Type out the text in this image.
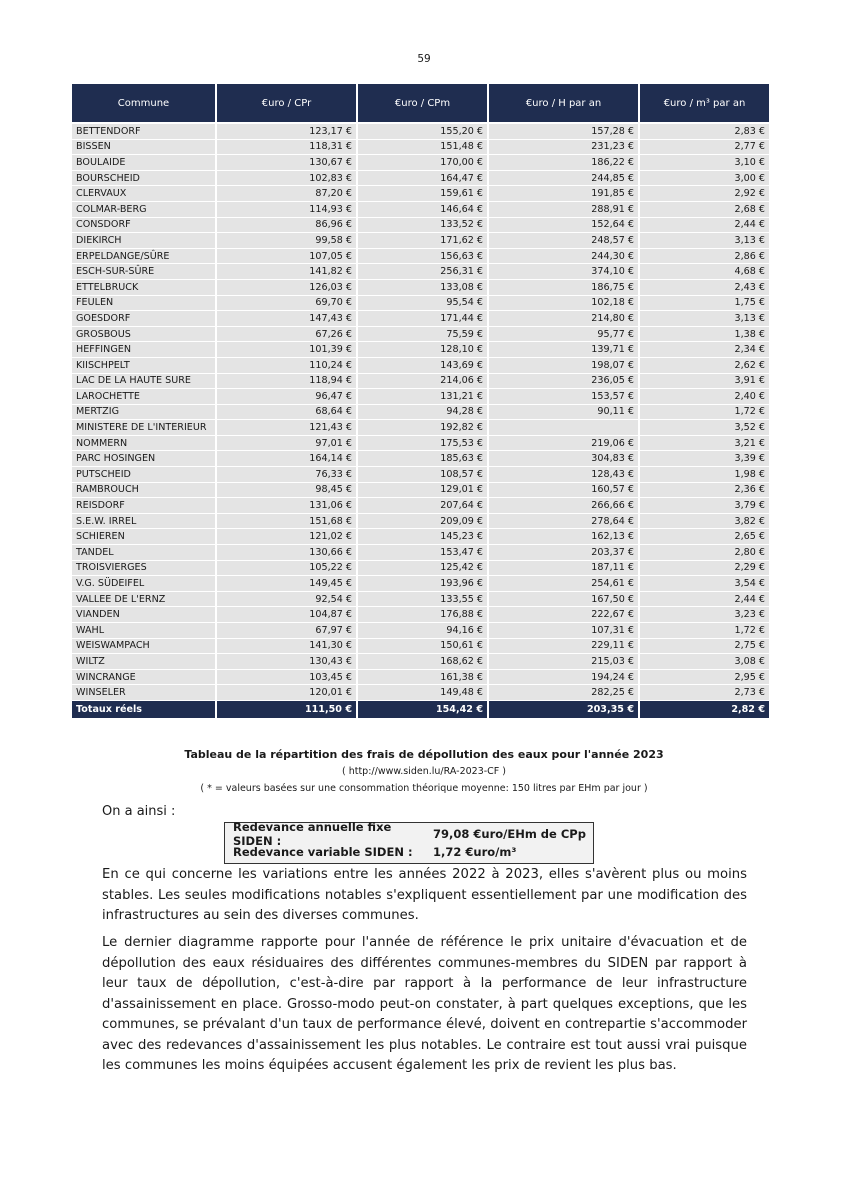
59
Commune	€uro / CPr	€uro / CPm	€uro / H par an	€uro / m³ par an

BETTENDORF	123,17 €	155,20 €	157,28 €	2,83 €
BISSEN	118,31 €	151,48 €	231,23 €	2,77 €
BOULAIDE	130,67 €	170,00 €	186,22 €	3,10 €
BOURSCHEID	102,83 €	164,47 €	244,85 €	3,00 €
CLERVAUX	87,20 €	159,61 €	191,85 €	2,92 €
COLMAR-BERG	114,93 €	146,64 €	288,91 €	2,68 €
CONSDORF	86,96 €	133,52 €	152,64 €	2,44 €
DIEKIRCH	99,58 €	171,62 €	248,57 €	3,13 €
ERPELDANGE/SÛRE	107,05 €	156,63 €	244,30 €	2,86 €
ESCH-SUR-SÛRE	141,82 €	256,31 €	374,10 €	4,68 €
ETTELBRUCK	126,03 €	133,08 €	186,75 €	2,43 €
FEULEN	69,70 €	95,54 €	102,18 €	1,75 €
GOESDORF	147,43 €	171,44 €	214,80 €	3,13 €
GROSBOUS	67,26 €	75,59 €	95,77 €	1,38 €
HEFFINGEN	101,39 €	128,10 €	139,71 €	2,34 €
KIISCHPELT	110,24 €	143,69 €	198,07 €	2,62 €
LAC DE LA HAUTE SURE	118,94 €	214,06 €	236,05 €	3,91 €
LAROCHETTE	96,47 €	131,21 €	153,57 €	2,40 €
MERTZIG	68,64 €	94,28 €	90,11 €	1,72 €
MINISTERE DE L'INTERIEUR	121,43 €	192,82 €		3,52 €
NOMMERN	97,01 €	175,53 €	219,06 €	3,21 €
PARC HOSINGEN	164,14 €	185,63 €	304,83 €	3,39 €
PUTSCHEID	76,33 €	108,57 €	128,43 €	1,98 €
RAMBROUCH	98,45 €	129,01 €	160,57 €	2,36 €
REISDORF	131,06 €	207,64 €	266,66 €	3,79 €
S.E.W. IRREL	151,68 €	209,09 €	278,64 €	3,82 €
SCHIEREN	121,02 €	145,23 €	162,13 €	2,65 €
TANDEL	130,66 €	153,47 €	203,37 €	2,80 €
TROISVIERGES	105,22 €	125,42 €	187,11 €	2,29 €
V.G. SÜDEIFEL	149,45 €	193,96 €	254,61 €	3,54 €
VALLEE DE L'ERNZ	92,54 €	133,55 €	167,50 €	2,44 €
VIANDEN	104,87 €	176,88 €	222,67 €	3,23 €
WAHL	67,97 €	94,16 €	107,31 €	1,72 €
WEISWAMPACH	141,30 €	150,61 €	229,11 €	2,75 €
WILTZ	130,43 €	168,62 €	215,03 €	3,08 €
WINCRANGE	103,45 €	161,38 €	194,24 €	2,95 €
WINSELER	120,01 €	149,48 €	282,25 €	2,73 €
Totaux réels	111,50 €	154,42 €	203,35 €	2,82 €
Tableau de la répartition des frais de dépollution des eaux pour l'année 2023
( http://www.siden.lu/RA-2023-CF )
( * = valeurs basées sur une consommation théorique moyenne: 150 litres par EHm par jour )
On a ainsi :
Redevance annuelle fixe SIDEN :	79,08 €uro/EHm de CPp
Redevance variable SIDEN :	1,72 €uro/m³

En ce qui concerne les variations entre les années 2022 à 2023, elles s'avèrent plus ou moins stables. Les seules modifications notables s'expliquent essentiellement par une modification des infrastructures au sein des diverses communes.

Le dernier diagramme rapporte pour l'année de référence le prix unitaire d'évacuation et de dépollution des eaux résiduaires des différentes communes-membres du SIDEN par rapport à leur taux de dépollution, c'est-à-dire par rapport à la performance de leur infrastructure d'assainissement en place. Grosso-modo peut-on constater, à part quelques exceptions, que les communes, se prévalant d'un taux de performance élevé, doivent en contrepartie s'accommoder avec des redevances d'assainissement les plus notables. Le contraire est tout aussi vrai puisque les communes les moins équipées accusent également les prix de revient les plus bas.
